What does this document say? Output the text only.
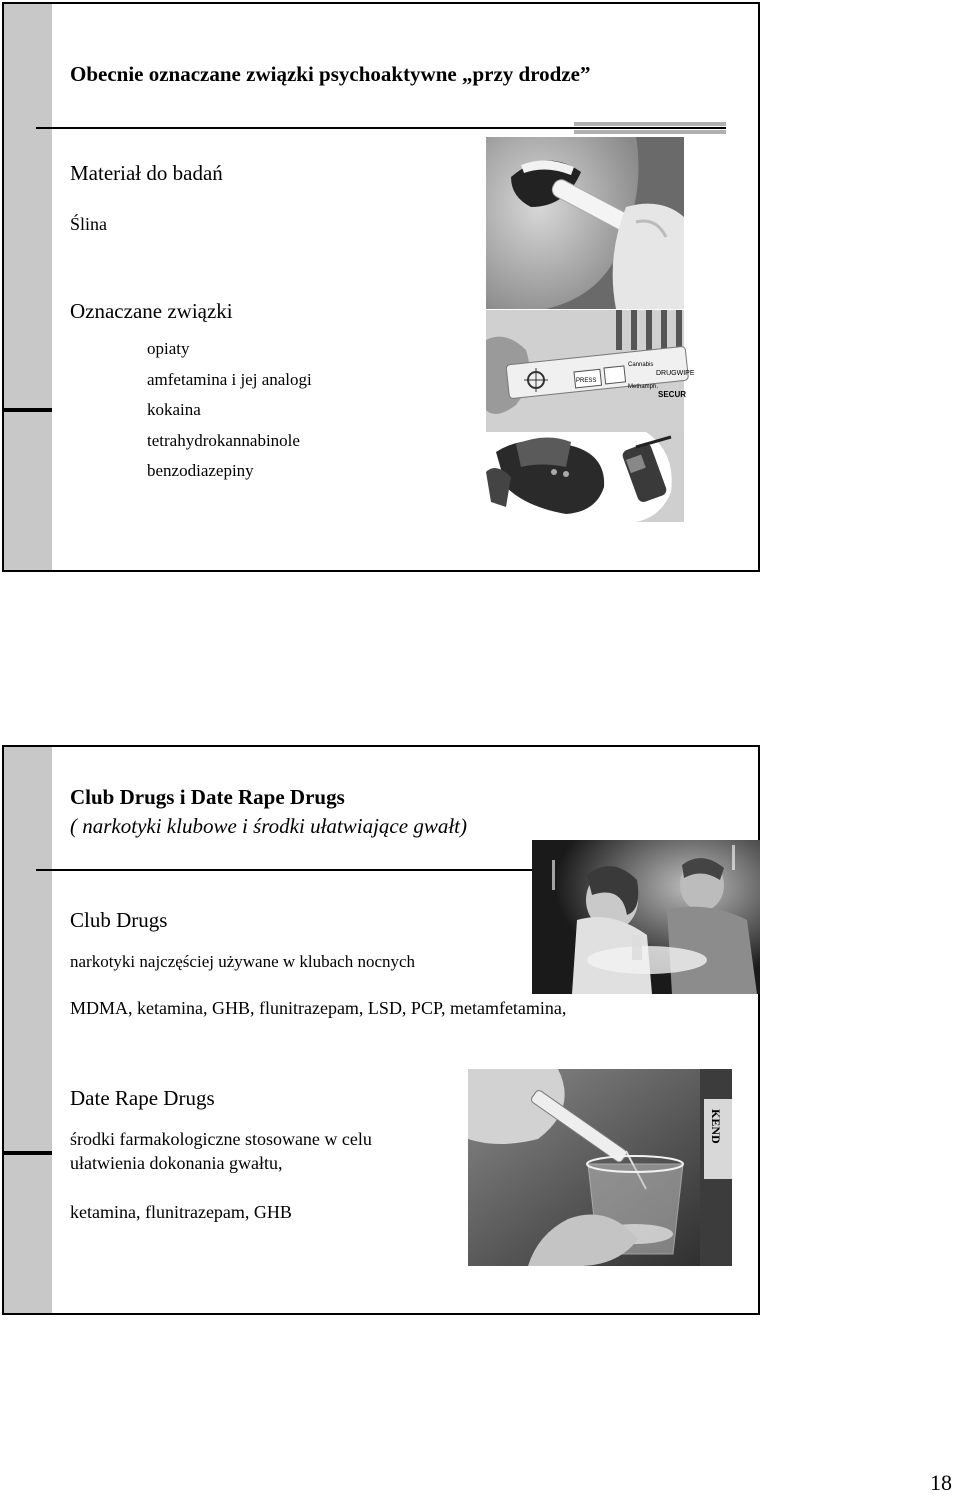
Obecnie oznaczane związki psychoaktywne „przy drodze”
Materiał do badań
Ślina
Oznaczane związki
opiaty
amfetamina i jej analogi
kokaina
tetrahydrokannabinole
benzodiazepiny
PRESS
Cannabis
Methamph.
DRUGWIPE
SECUR
Club Drugs i Date Rape Drugs
( narkotyki klubowe i środki ułatwiające gwałt)
Club Drugs
narkotyki najczęściej używane w klubach nocnych
MDMA, ketamina, GHB, flunitrazepam, LSD, PCP, metamfetamina,
Date Rape Drugs
środki farmakologiczne stosowane w celu
ułatwienia dokonania gwałtu,
ketamina, flunitrazepam, GHB
KEND
18
